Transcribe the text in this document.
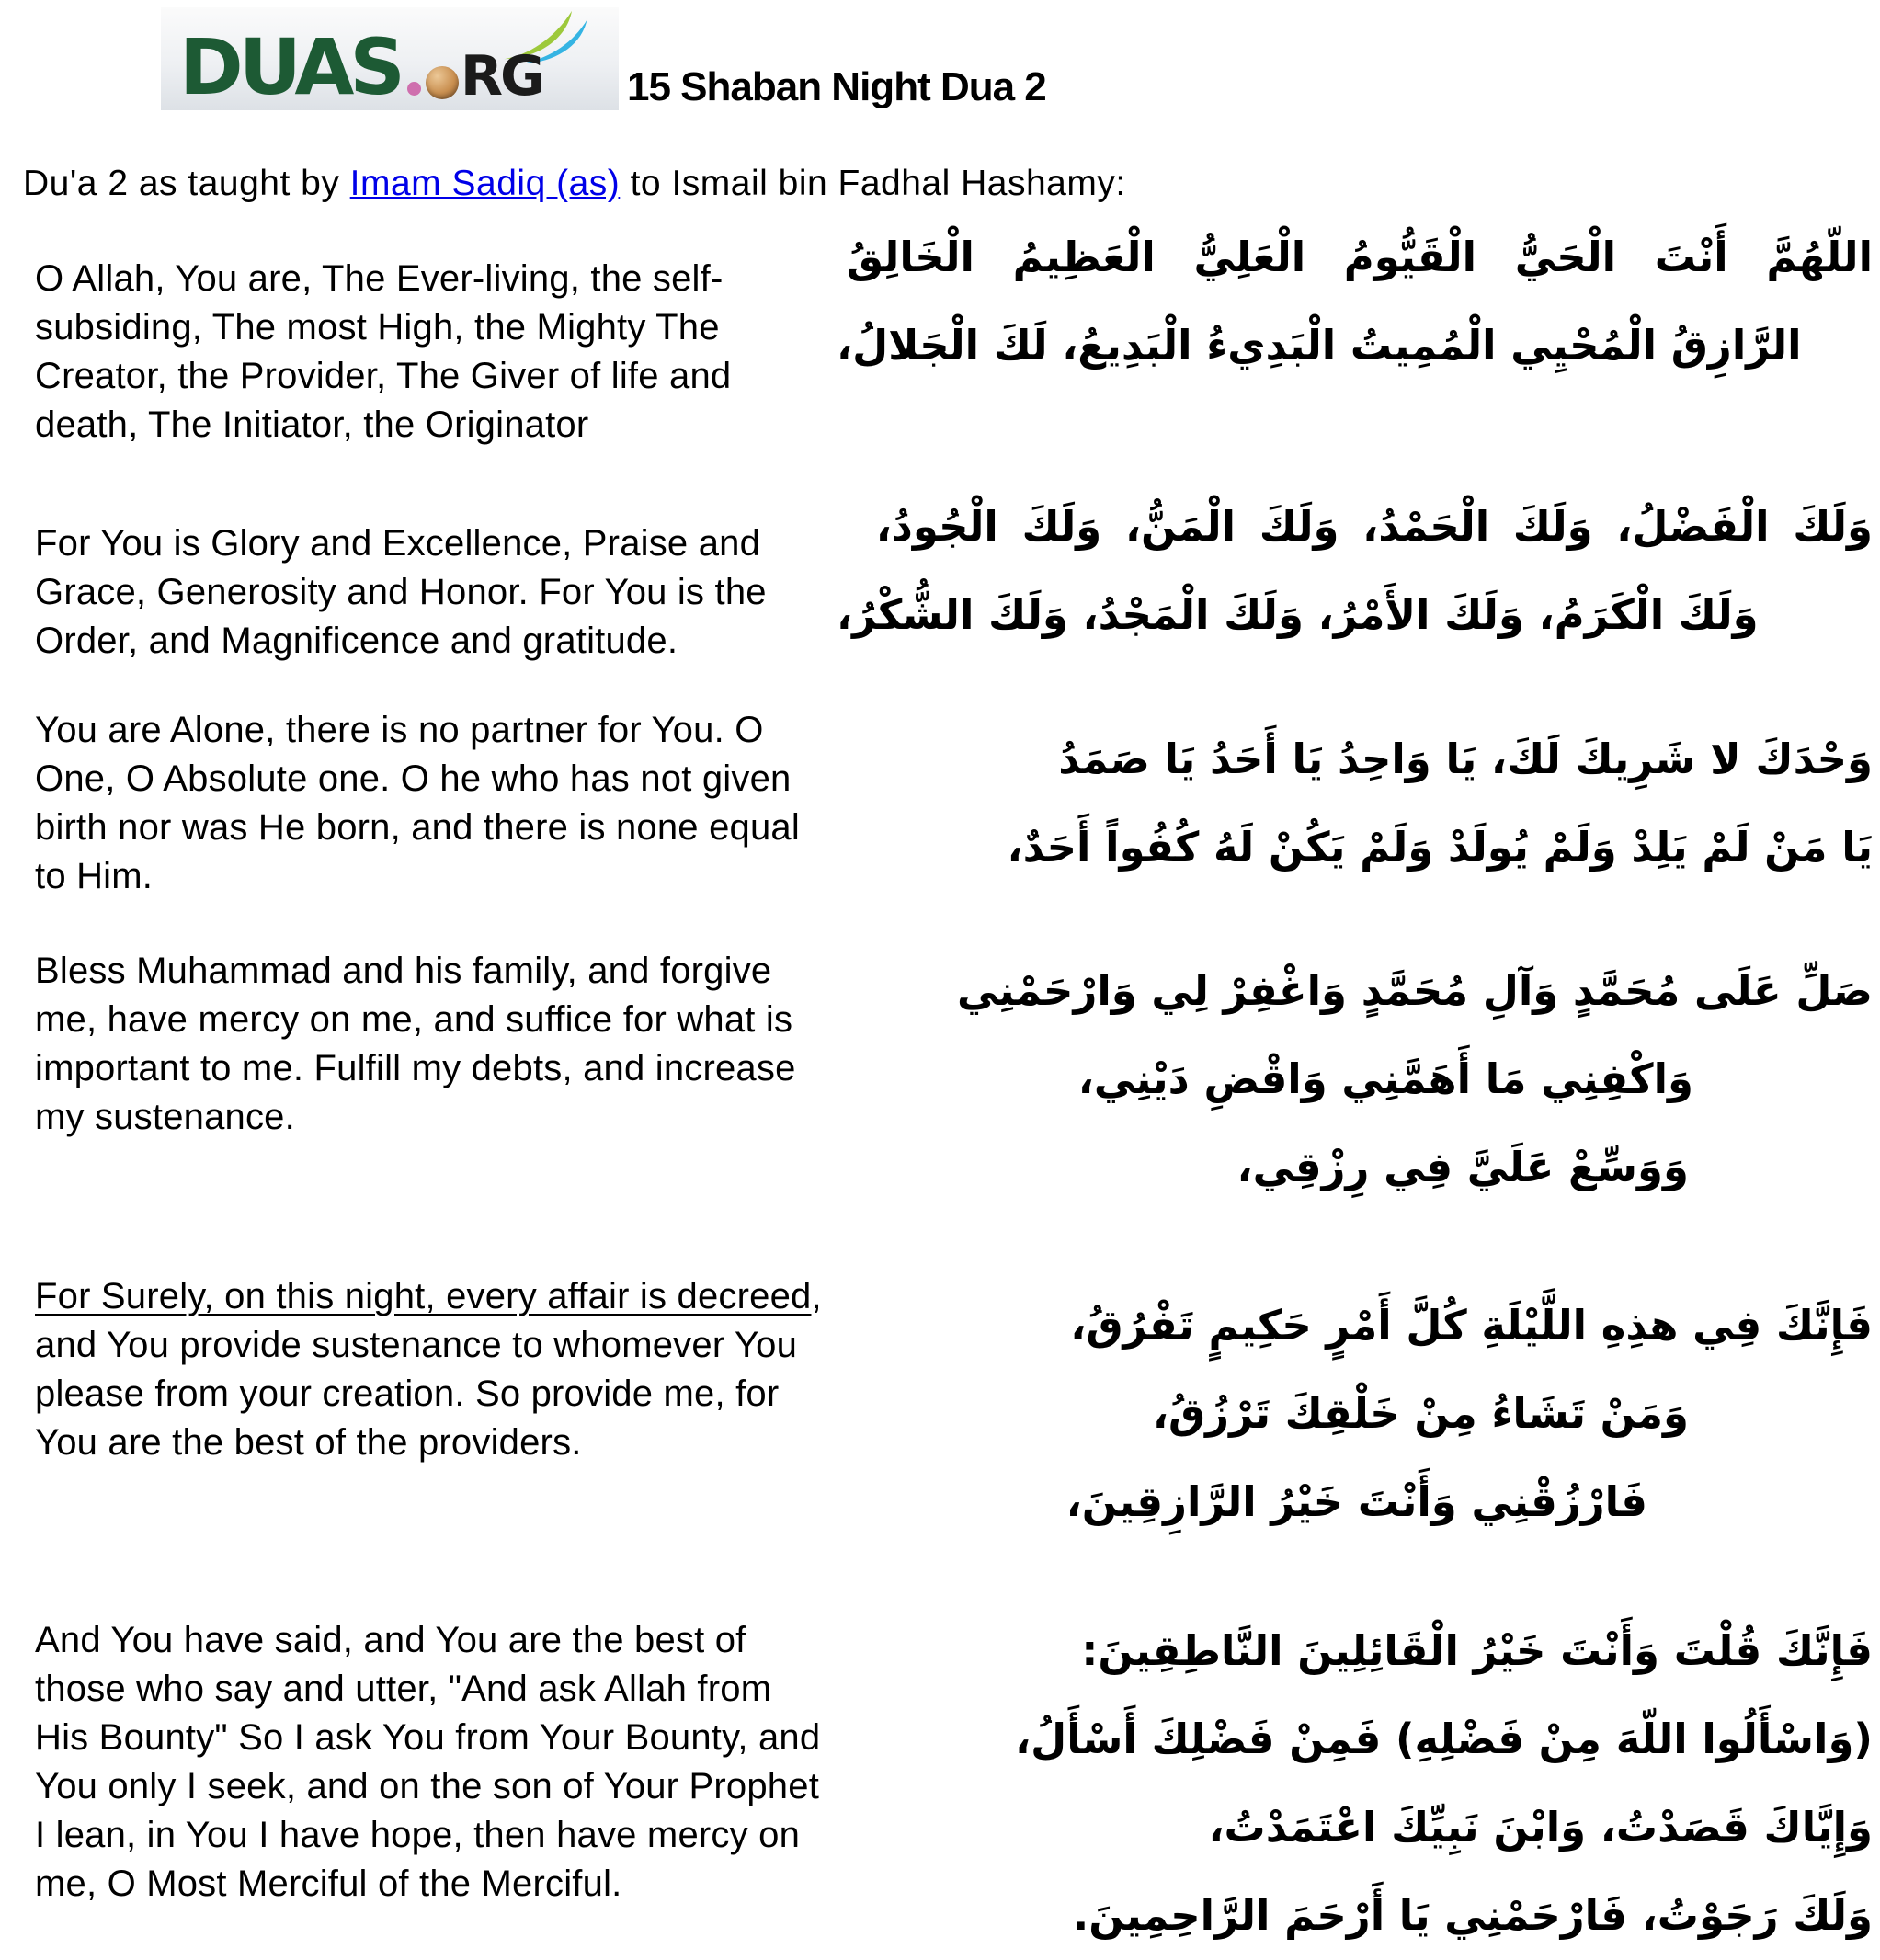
DUAS RG 15 Shaban Night Dua 2
Du'a 2 as taught by Imam Sadiq (as) to Ismail bin Fadhal Hashamy:
O Allah, You are, The Ever-living, the self-subsiding, The most High, the Mighty The Creator, the Provider, The Giver of life and death, The Initiator, the Originator
اللّهُمَّ أَنْتَ الْحَيُّ الْقَيُّومُ الْعَلِيُّ الْعَظِيمُ الْخَالِقُ
الرَّازِقُ الْمُحْيِي الْمُمِيتُ الْبَدِيءُ الْبَدِيعُ، لَكَ الْجَلالُ،
For You is Glory and Excellence, Praise and Grace, Generosity and Honor. For You is the Order, and Magnificence and gratitude.
وَلَكَ الْفَضْلُ، وَلَكَ الْحَمْدُ، وَلَكَ الْمَنُّ، وَلَكَ الْجُودُ،
وَلَكَ الْكَرَمُ، وَلَكَ الأَمْرُ، وَلَكَ الْمَجْدُ، وَلَكَ الشُّكْرُ،
You are Alone, there is no partner for You. O One, O Absolute one. O he who has not given birth nor was He born, and there is none equal to Him.
وَحْدَكَ لا شَرِيكَ لَكَ، يَا وَاحِدُ يَا أَحَدُ يَا صَمَدُ
يَا مَنْ لَمْ يَلِدْ وَلَمْ يُولَدْ وَلَمْ يَكُنْ لَهُ كُفُواً أَحَدٌ،
Bless Muhammad and his family, and forgive me, have mercy on me, and suffice for what is important to me. Fulfill my debts, and increase my sustenance.
صَلِّ عَلَى مُحَمَّدٍ وَآلِ مُحَمَّدٍ وَاغْفِرْ لِي وَارْحَمْنِي
وَاكْفِنِي مَا أَهَمَّنِي وَاقْضِ دَيْنِي،
وَوَسِّعْ عَلَيَّ فِي رِزْقِي،
For Surely, on this night, every affair is decreed, and You provide sustenance to whomever You please from your creation. So provide me, for You are the best of the providers.
فَإِنَّكَ فِي هذِهِ اللَّيْلَةِ كُلَّ أَمْرٍ حَكِيمٍ تَفْرُقُ،
وَمَنْ تَشَاءُ مِنْ خَلْقِكَ تَرْزُقُ،
فَارْزُقْنِي وَأَنْتَ خَيْرُ الرَّازِقِينَ،
And You have said, and You are the best of those who say and utter, "And ask Allah from His Bounty" So I ask You from Your Bounty, and You only I seek, and on the son of Your Prophet I lean, in You I have hope, then have mercy on me, O Most Merciful of the Merciful.
فَإِنَّكَ قُلْتَ وَأَنْتَ خَيْرُ الْقَائِلِينَ النَّاطِقِينَ:
(وَاسْأَلُوا اللّهَ مِنْ فَضْلِهِ) فَمِنْ فَضْلِكَ أَسْأَلُ،
وَإِيَّاكَ قَصَدْتُ، وَابْنَ نَبِيِّكَ اعْتَمَدْتُ،
وَلَكَ رَجَوْتُ، فَارْحَمْنِي يَا أَرْحَمَ الرَّاحِمِينَ.
